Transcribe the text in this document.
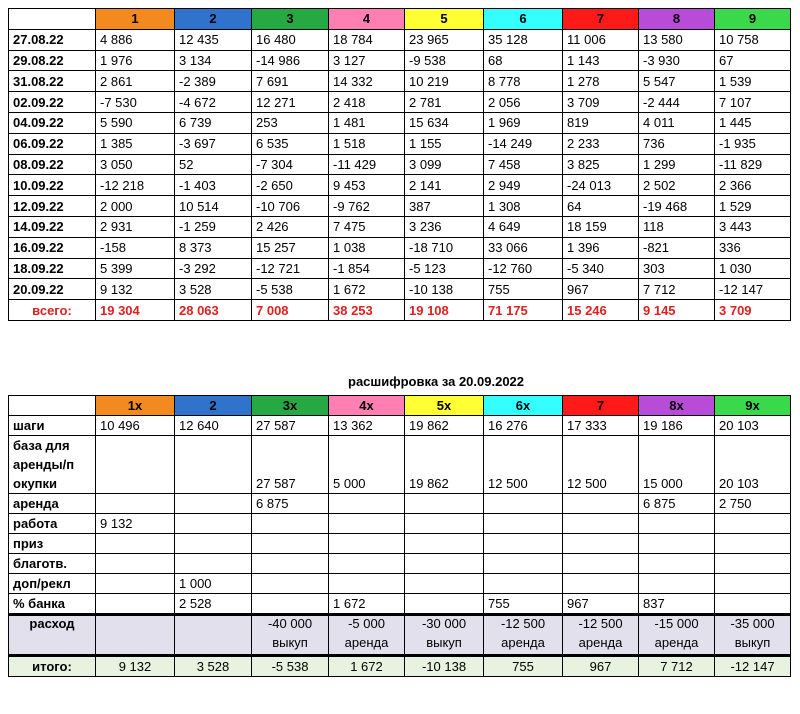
	1	2	3	4	5	6	7	8	9
27.08.22	4 886	12 435	16 480	18 784	23 965	35 128	11 006	13 580	10 758
29.08.22	1 976	3 134	-14 986	3 127	-9 538	68	1 143	-3 930	67
31.08.22	2 861	-2 389	7 691	14 332	10 219	8 778	1 278	5 547	1 539
02.09.22	-7 530	-4 672	12 271	2 418	2 781	2 056	3 709	-2 444	7 107
04.09.22	5 590	6 739	253	1 481	15 634	1 969	819	4 011	1 445
06.09.22	1 385	-3 697	6 535	1 518	1 155	-14 249	2 233	736	-1 935
08.09.22	3 050	52	-7 304	-11 429	3 099	7 458	3 825	1 299	-11 829
10.09.22	-12 218	-1 403	-2 650	9 453	2 141	2 949	-24 013	2 502	2 366
12.09.22	2 000	10 514	-10 706	-9 762	387	1 308	64	-19 468	1 529
14.09.22	2 931	-1 259	2 426	7 475	3 236	4 649	18 159	118	3 443
16.09.22	-158	8 373	15 257	1 038	-18 710	33 066	1 396	-821	336
18.09.22	5 399	-3 292	-12 721	-1 854	-5 123	-12 760	-5 340	303	1 030
20.09.22	9 132	3 528	-5 538	1 672	-10 138	755	967	7 712	-12 147
всего:	19 304	28 063	7 008	38 253	19 108	71 175	15 246	9 145	3 709
расшифровка за 20.09.2022
	1х	2	3х	4х	5х	6х	7	8х	9х
шаги	10 496	12 640	27 587	13 362	19 862	16 276	17 333	19 186	20 103
база для									
аренды/п									
окупки			27 587	5 000	19 862	12 500	12 500	15 000	20 103
аренда			6 875					6 875	2 750
работа	9 132								
приз									
благотв.									
доп/рекл		1 000							
% банка		2 528		1 672		755	967	837	
расход			-40 000	-5 000	-30 000	-12 500	-12 500	-15 000	-35 000
			выкуп	аренда	выкуп	аренда	аренда	аренда	выкуп
итого:	9 132	3 528	-5 538	1 672	-10 138	755	967	7 712	-12 147
